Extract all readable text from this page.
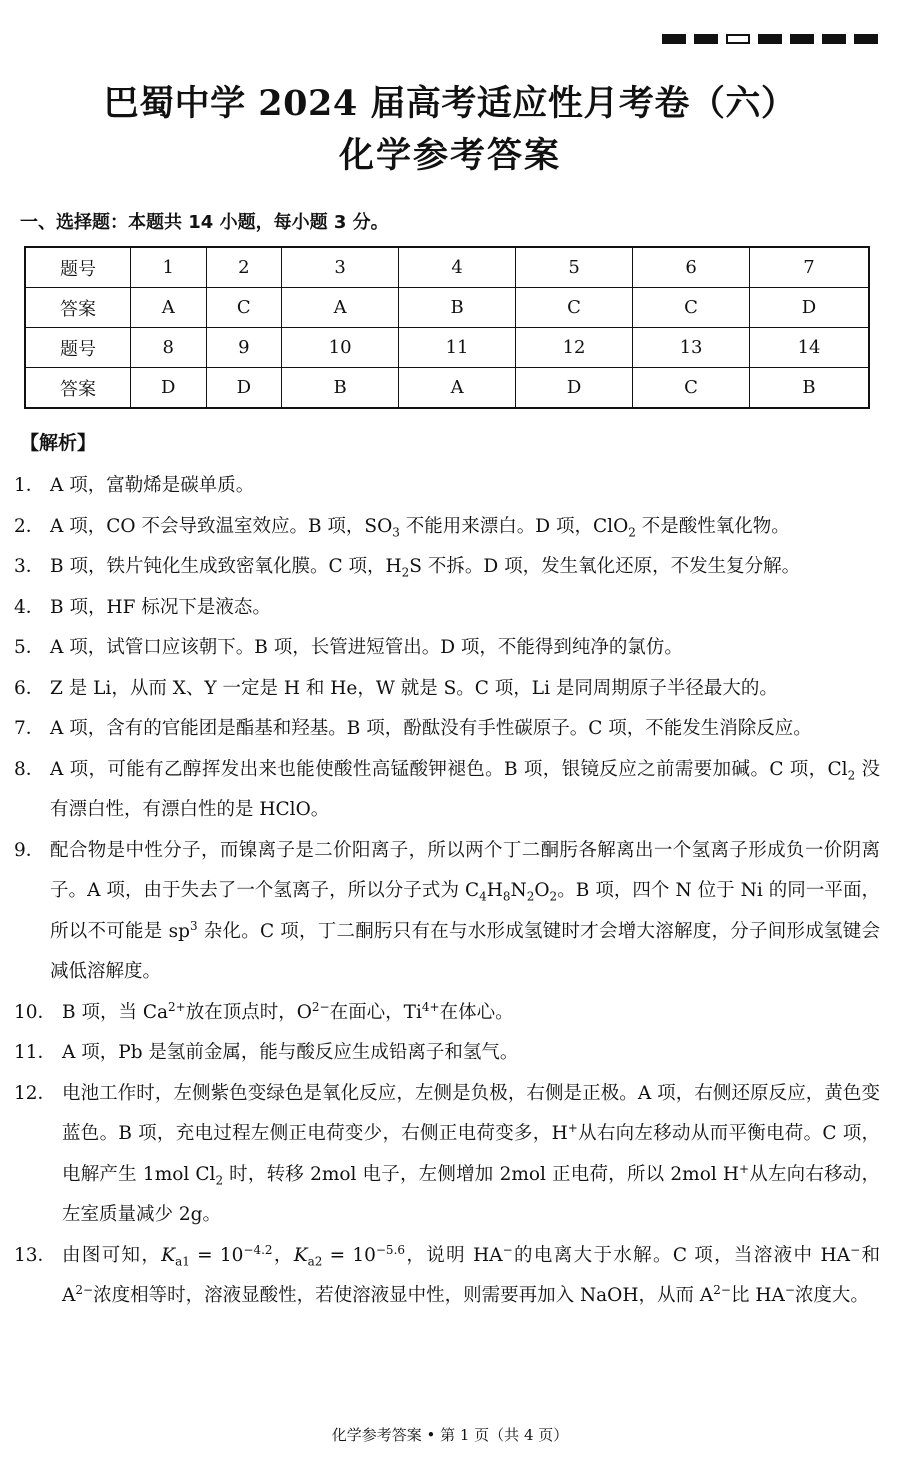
巴蜀中学 2024 届高考适应性月考卷（六）
化学参考答案
一、选择题：本题共 14 小题，每小题 3 分。
题号	1	2	3	4	5	6	7
答案	A	C	A	B	C	C	D
题号	8	9	10	11	12	13	14
答案	D	D	B	A	D	C	B
【解析】
1． A 项，富勒烯是碳单质。
2． A 项，CO 不会导致温室效应。B 项，$SO_3$ 不能用来漂白。D 项，ClO$_2$ 不是酸性氧化物。
3． B 项，铁片钝化生成致密氧化膜。C 项，$H_2S$ 不拆。D 项，发生氧化还原，不发生复分解。
4． B 项，HF 标况下是液态。
5． A 项，试管口应该朝下。B 项，长管进短管出。D 项，不能得到纯净的氯仿。
6． Z 是 Li，从而 X、Y 一定是 H 和 He，W 就是 S。C 项，Li 是同周期原子半径最大的。
7． A 项，含有的官能团是酯基和羟基。B 项，酚酞没有手性碳原子。C 项，不能发生消除反应。
8． A 项，可能有乙醇挥发出来也能使酸性高锰酸钾褪色。B 项，银镜反应之前需要加碱。C 项，$Cl_2$ 没有漂白性，有漂白性的是 HClO。
9． 配合物是中性分子，而镍离子是二价阳离子，所以两个丁二酮肟各解离出一个氢离子形成负一价阴离子。A 项，由于失去了一个氢离子，所以分子式为 $C_4H_8N_2O_2$。B 项，四个 N 位于 Ni 的同一平面，所以不可能是 $sp^3$ 杂化。C 项，丁二酮肟只有在与水形成氢键时才会增大溶解度，分子间形成氢键会减低溶解度。
10． B 项，当 $Ca^{2+}$放在顶点时，$O^{2-}$在面心，$Ti^{4+}$在体心。
11． A 项，Pb 是氢前金属，能与酸反应生成铅离子和氢气。
12． 电池工作时，左侧紫色变绿色是氧化反应，左侧是负极，右侧是正极。A 项，右侧还原反应，黄色变蓝色。B 项，充电过程左侧正电荷变少，右侧正电荷变多，H+从右向左移动从而平衡电荷。C 项，电解产生 1mol $Cl_2$ 时，转移 2mol 电子，左侧增加 2mol 正电荷，所以 2mol H+从左向右移动，左室质量减少 2g。
13． 由图可知，$K_{a1} = 10^{-4.2}$，$K_{a2} = 10^{-5.6}$，说明 HA−的电离大于水解。C 项，当溶液中 HA−和 $A^{2-}$浓度相等时，溶液显酸性，若使溶液显中性，则需要再加入 NaOH，从而 $A^{2-}$比 HA−浓度大。
化学参考答案 • 第 1 页（共 4 页）
